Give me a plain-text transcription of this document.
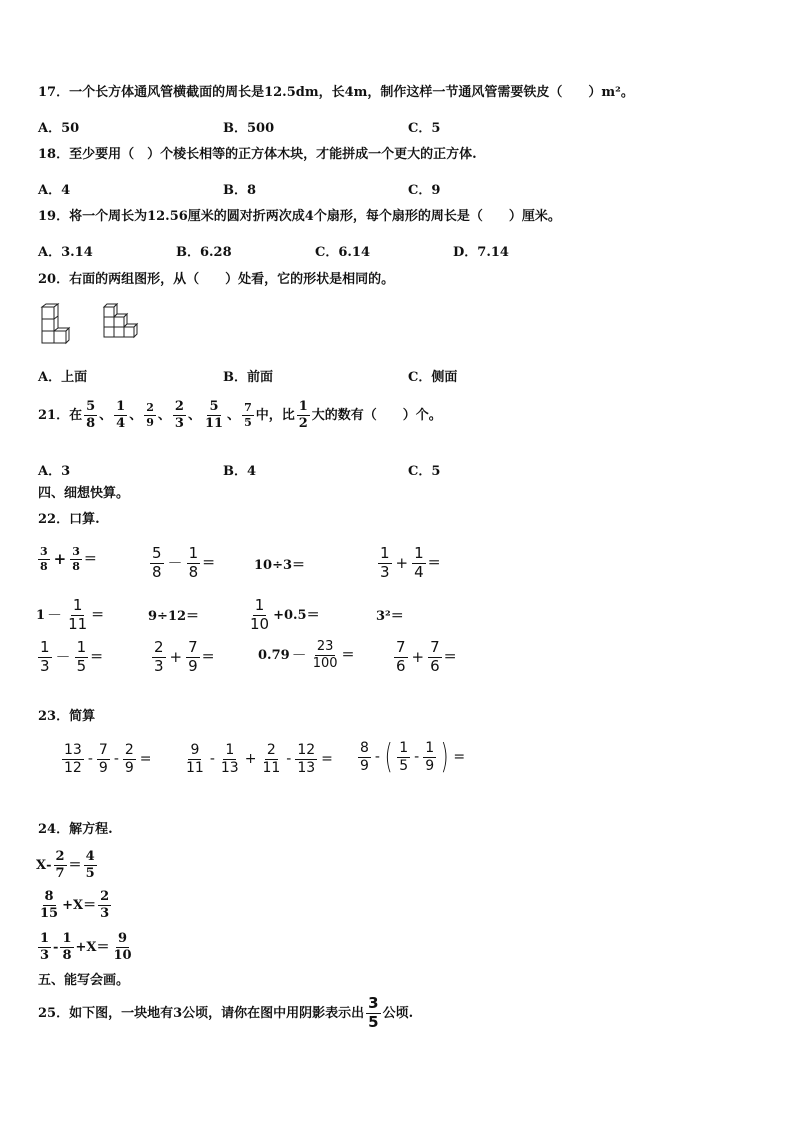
17．一个长方体通风管横截面的周长是12.5dm，长4m，制作这样一节通风管需要铁皮（　　）m²。
A．50	B．500	C．5
18．至少要用（　）个棱长相等的正方体木块，才能拼成一个更大的正方体.
A．4	B．8	C．9
19．将一个周长为12.56厘米的圆对折两次成4个扇形，每个扇形的周长是（　　）厘米。
A．3.14	B．6.28	C．6.14	D．7.14
20．右面的两组图形，从（　　）处看，它的形状是相同的。
A．上面	B．前面	C．侧面
21．在 $\frac{5}{8}$ 、 $\frac{1}{4}$ 、 $\frac{2}{9}$ 、 $\frac{2}{3}$ 、 $\frac{5}{11}$ 、 $\frac{7}{5}$ 中，比 $\frac{1}{2}$ 大的数有（　　）个。
A．3	B．4	C．5
四、细想快算。
22．口算.
$\frac{3}{8} + \frac{3}{8}$ ＝	$\frac{5}{8} - \frac{1}{8}$ ＝	10÷3＝	$\frac{1}{3} + \frac{1}{4}$ ＝
$1 - \frac{1}{11}$ ＝	9÷12＝	$\frac{1}{10} +0.5=$	3²＝
$\frac{1}{3} - \frac{1}{5}$ ＝	$\frac{2}{3} + \frac{7}{9}$ ＝	$0.79 - \frac{23}{100}$ ＝	$\frac{7}{6} + \frac{7}{6}$ ＝
23．简算
$\frac{13}{12} - \frac{7}{9} - \frac{2}{9} = \frac{9}{11} - \frac{1}{13} + \frac{2}{11} - \frac{12}{13} = \frac{8}{9}$ - ( $\frac{1}{5} - \frac{1}{9}$ ) =
24．解方程.
$X - \frac{2}{7} = \frac{4}{5}$
$\frac{8}{15} + X = \frac{2}{3}$
$\frac{1}{3} - \frac{1}{8} + X = \frac{9}{10}$
五、能写会画。
25．如下图，一块地有3公顷，请你在图中用阴影表示出 $\frac{3}{5}$ 公顷.
